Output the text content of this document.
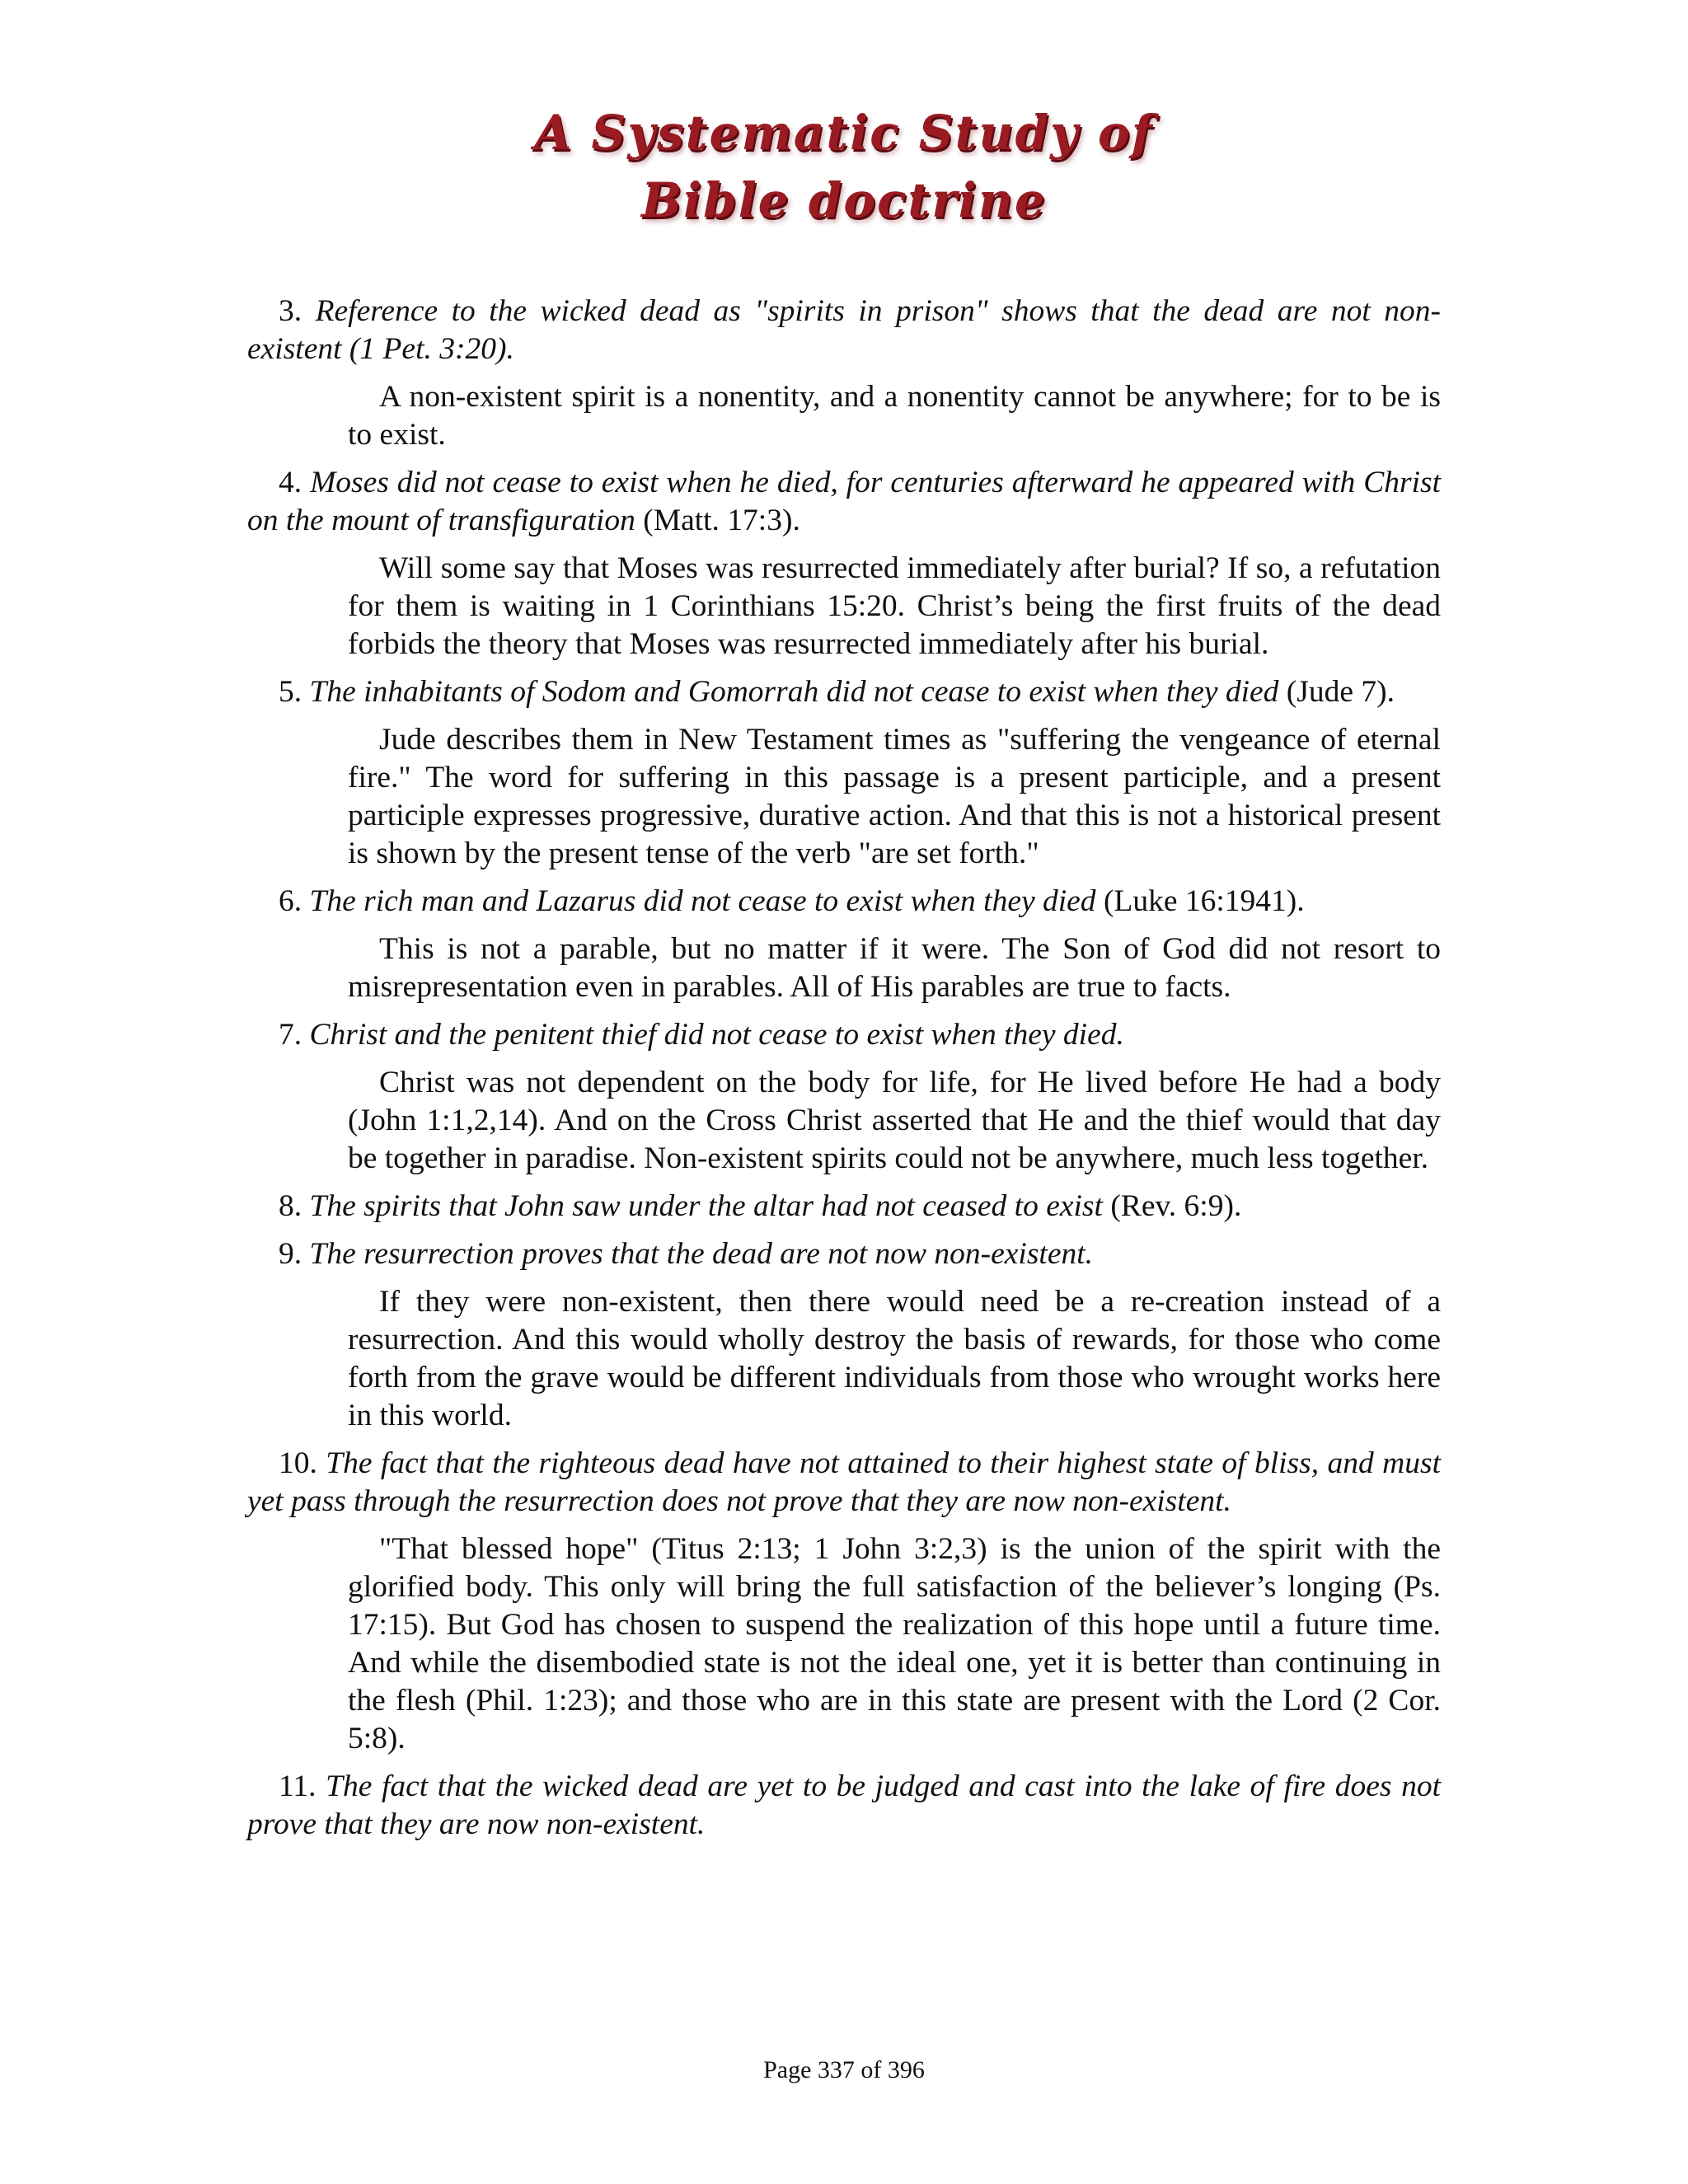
A Systematic Study of
Bible doctrine

3. Reference to the wicked dead as "spirits in prison" shows that the dead are not non-existent (1 Pet. 3:20).

A non-existent spirit is a nonentity, and a nonentity cannot be anywhere; for to be is to exist.

4. Moses did not cease to exist when he died, for centuries afterward he appeared with Christ on the mount of transfiguration (Matt. 17:3).

Will some say that Moses was resurrected immediately after burial? If so, a refutation for them is waiting in 1 Corinthians 15:20. Christ’s being the first fruits of the dead forbids the theory that Moses was resurrected immediately after his burial.

5. The inhabitants of Sodom and Gomorrah did not cease to exist when they died (Jude 7).

Jude describes them in New Testament times as "suffering the vengeance of eternal fire." The word for suffering in this passage is a present participle, and a present participle expresses progressive, durative action. And that this is not a historical present is shown by the present tense of the verb "are set forth."

6. The rich man and Lazarus did not cease to exist when they died (Luke 16:1941).

This is not a parable, but no matter if it were. The Son of God did not resort to misrepresentation even in parables. All of His parables are true to facts.

7. Christ and the penitent thief did not cease to exist when they died.

Christ was not dependent on the body for life, for He lived before He had a body (John 1:1,2,14). And on the Cross Christ asserted that He and the thief would that day be together in paradise. Non-existent spirits could not be anywhere, much less together.

8. The spirits that John saw under the altar had not ceased to exist (Rev. 6:9).

9. The resurrection proves that the dead are not now non-existent.

If they were non-existent, then there would need be a re-creation instead of a resurrection. And this would wholly destroy the basis of rewards, for those who come forth from the grave would be different individuals from those who wrought works here in this world.

10. The fact that the righteous dead have not attained to their highest state of bliss, and must yet pass through the resurrection does not prove that they are now non-existent.

"That blessed hope" (Titus 2:13; 1 John 3:2,3) is the union of the spirit with the glorified body. This only will bring the full satisfaction of the believer’s longing (Ps. 17:15). But God has chosen to suspend the realization of this hope until a future time. And while the disembodied state is not the ideal one, yet it is better than continuing in the flesh (Phil. 1:23); and those who are in this state are present with the Lord (2 Cor. 5:8).

11. The fact that the wicked dead are yet to be judged and cast into the lake of fire does not prove that they are now non-existent.

Page 337 of 396
